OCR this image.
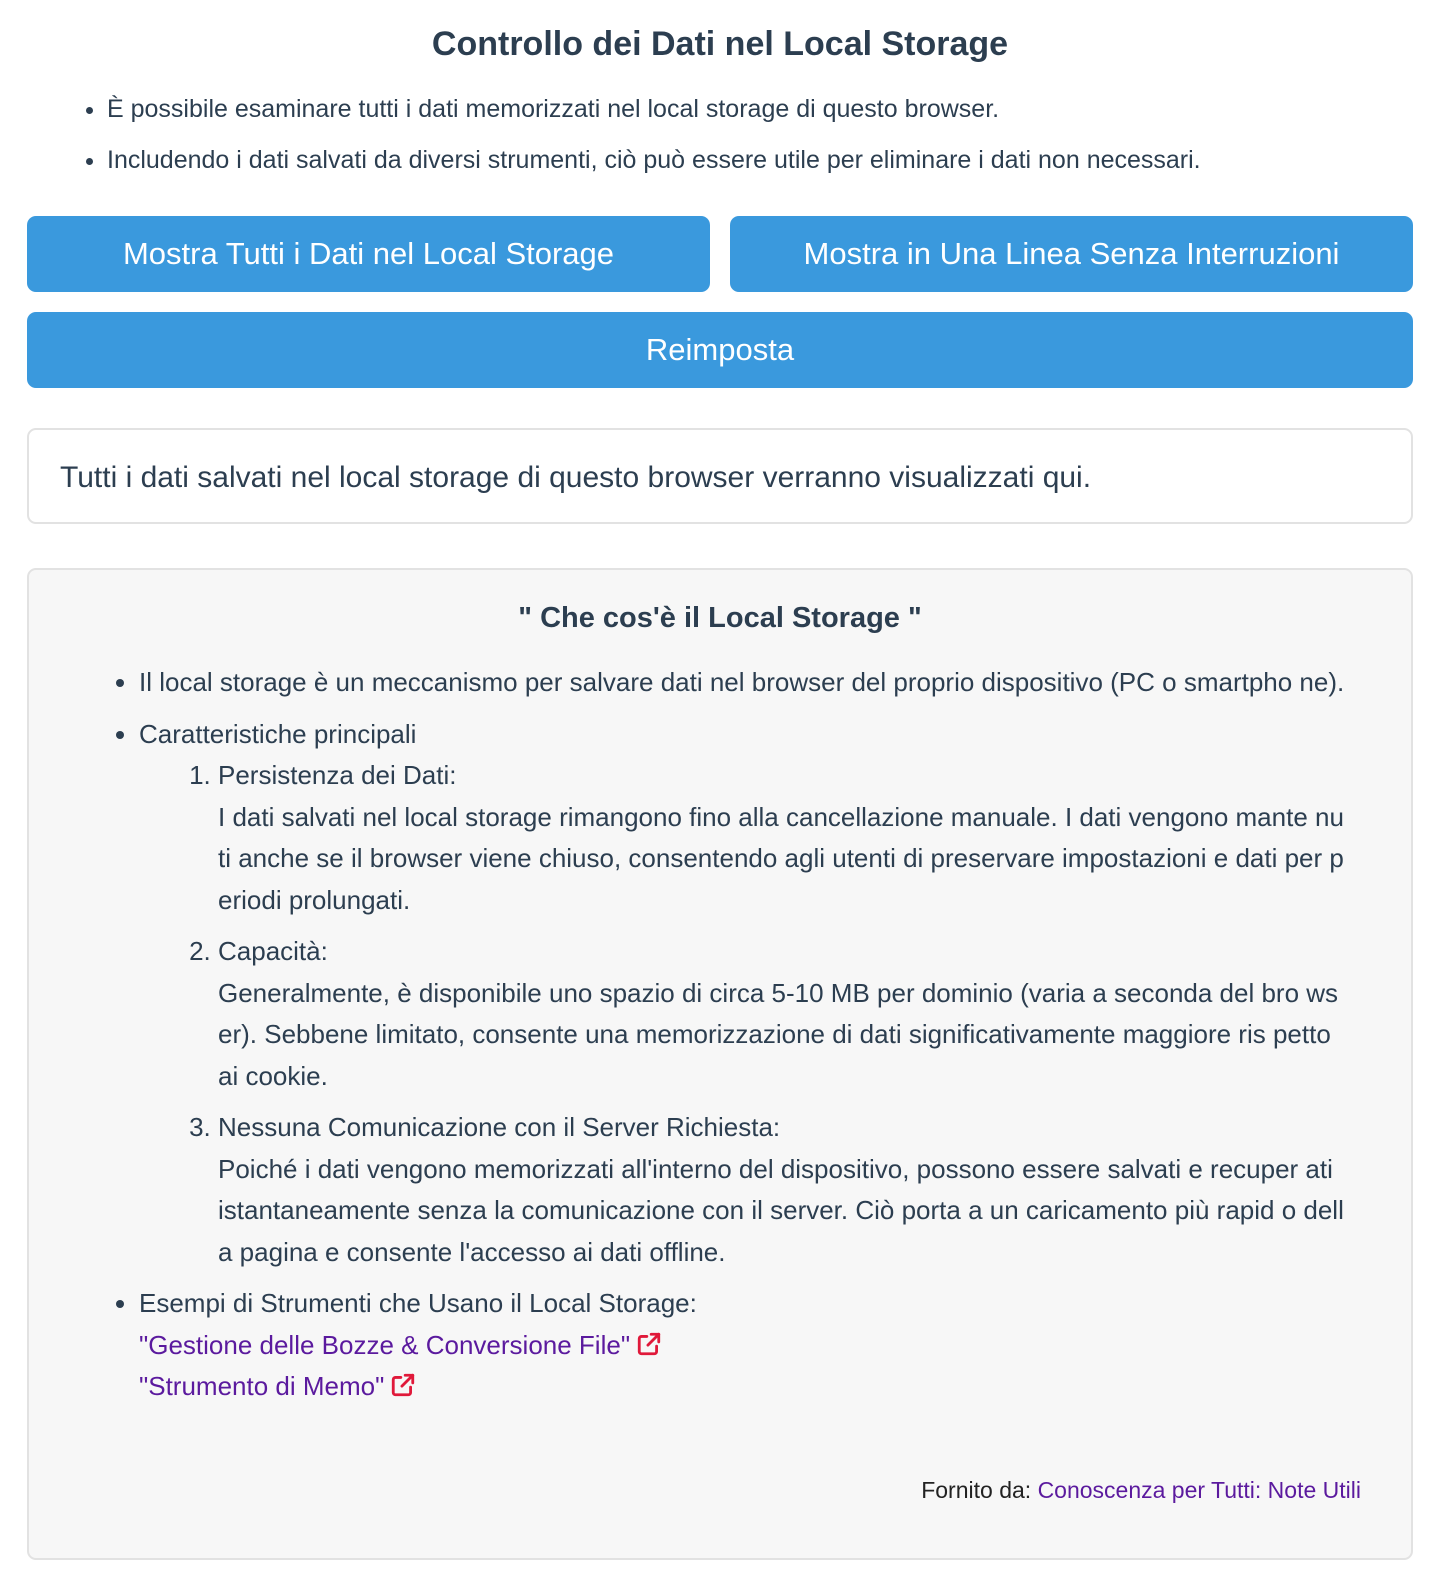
Controllo dei Dati nel Local Storage
• È possibile esaminare tutti i dati memorizzati nel local storage di questo browser.
• Includendo i dati salvati da diversi strumenti, ciò può essere utile per eliminare i dati non necessari.
Mostra Tutti i Dati nel Local Storage	Mostra in Una Linea Senza Interruzioni
Reimposta
Tutti i dati salvati nel local storage di questo browser verranno visualizzati qui.
" Che cos'è il Local Storage "
• Il local storage è un meccanismo per salvare dati nel browser del proprio dispositivo (PC o smartpho ne).
• Caratteristiche principali
1. Persistenza dei Dati:
I dati salvati nel local storage rimangono fino alla cancellazione manuale. I dati vengono mante nuti anche se il browser viene chiuso, consentendo agli utenti di preservare impostazioni e dati per periodi prolungati.
2. Capacità:
Generalmente, è disponibile uno spazio di circa 5-10 MB per dominio (varia a seconda del bro wser). Sebbene limitato, consente una memorizzazione di dati significativamente maggiore ris petto ai cookie.
3. Nessuna Comunicazione con il Server Richiesta:
Poiché i dati vengono memorizzati all'interno del dispositivo, possono essere salvati e recuper ati istantaneamente senza la comunicazione con il server. Ciò porta a un caricamento più rapid o della pagina e consente l'accesso ai dati offline.
• Esempi di Strumenti che Usano il Local Storage:
"Gestione delle Bozze & Conversione File"
"Strumento di Memo"
Fornito da: Conoscenza per Tutti: Note Utili
